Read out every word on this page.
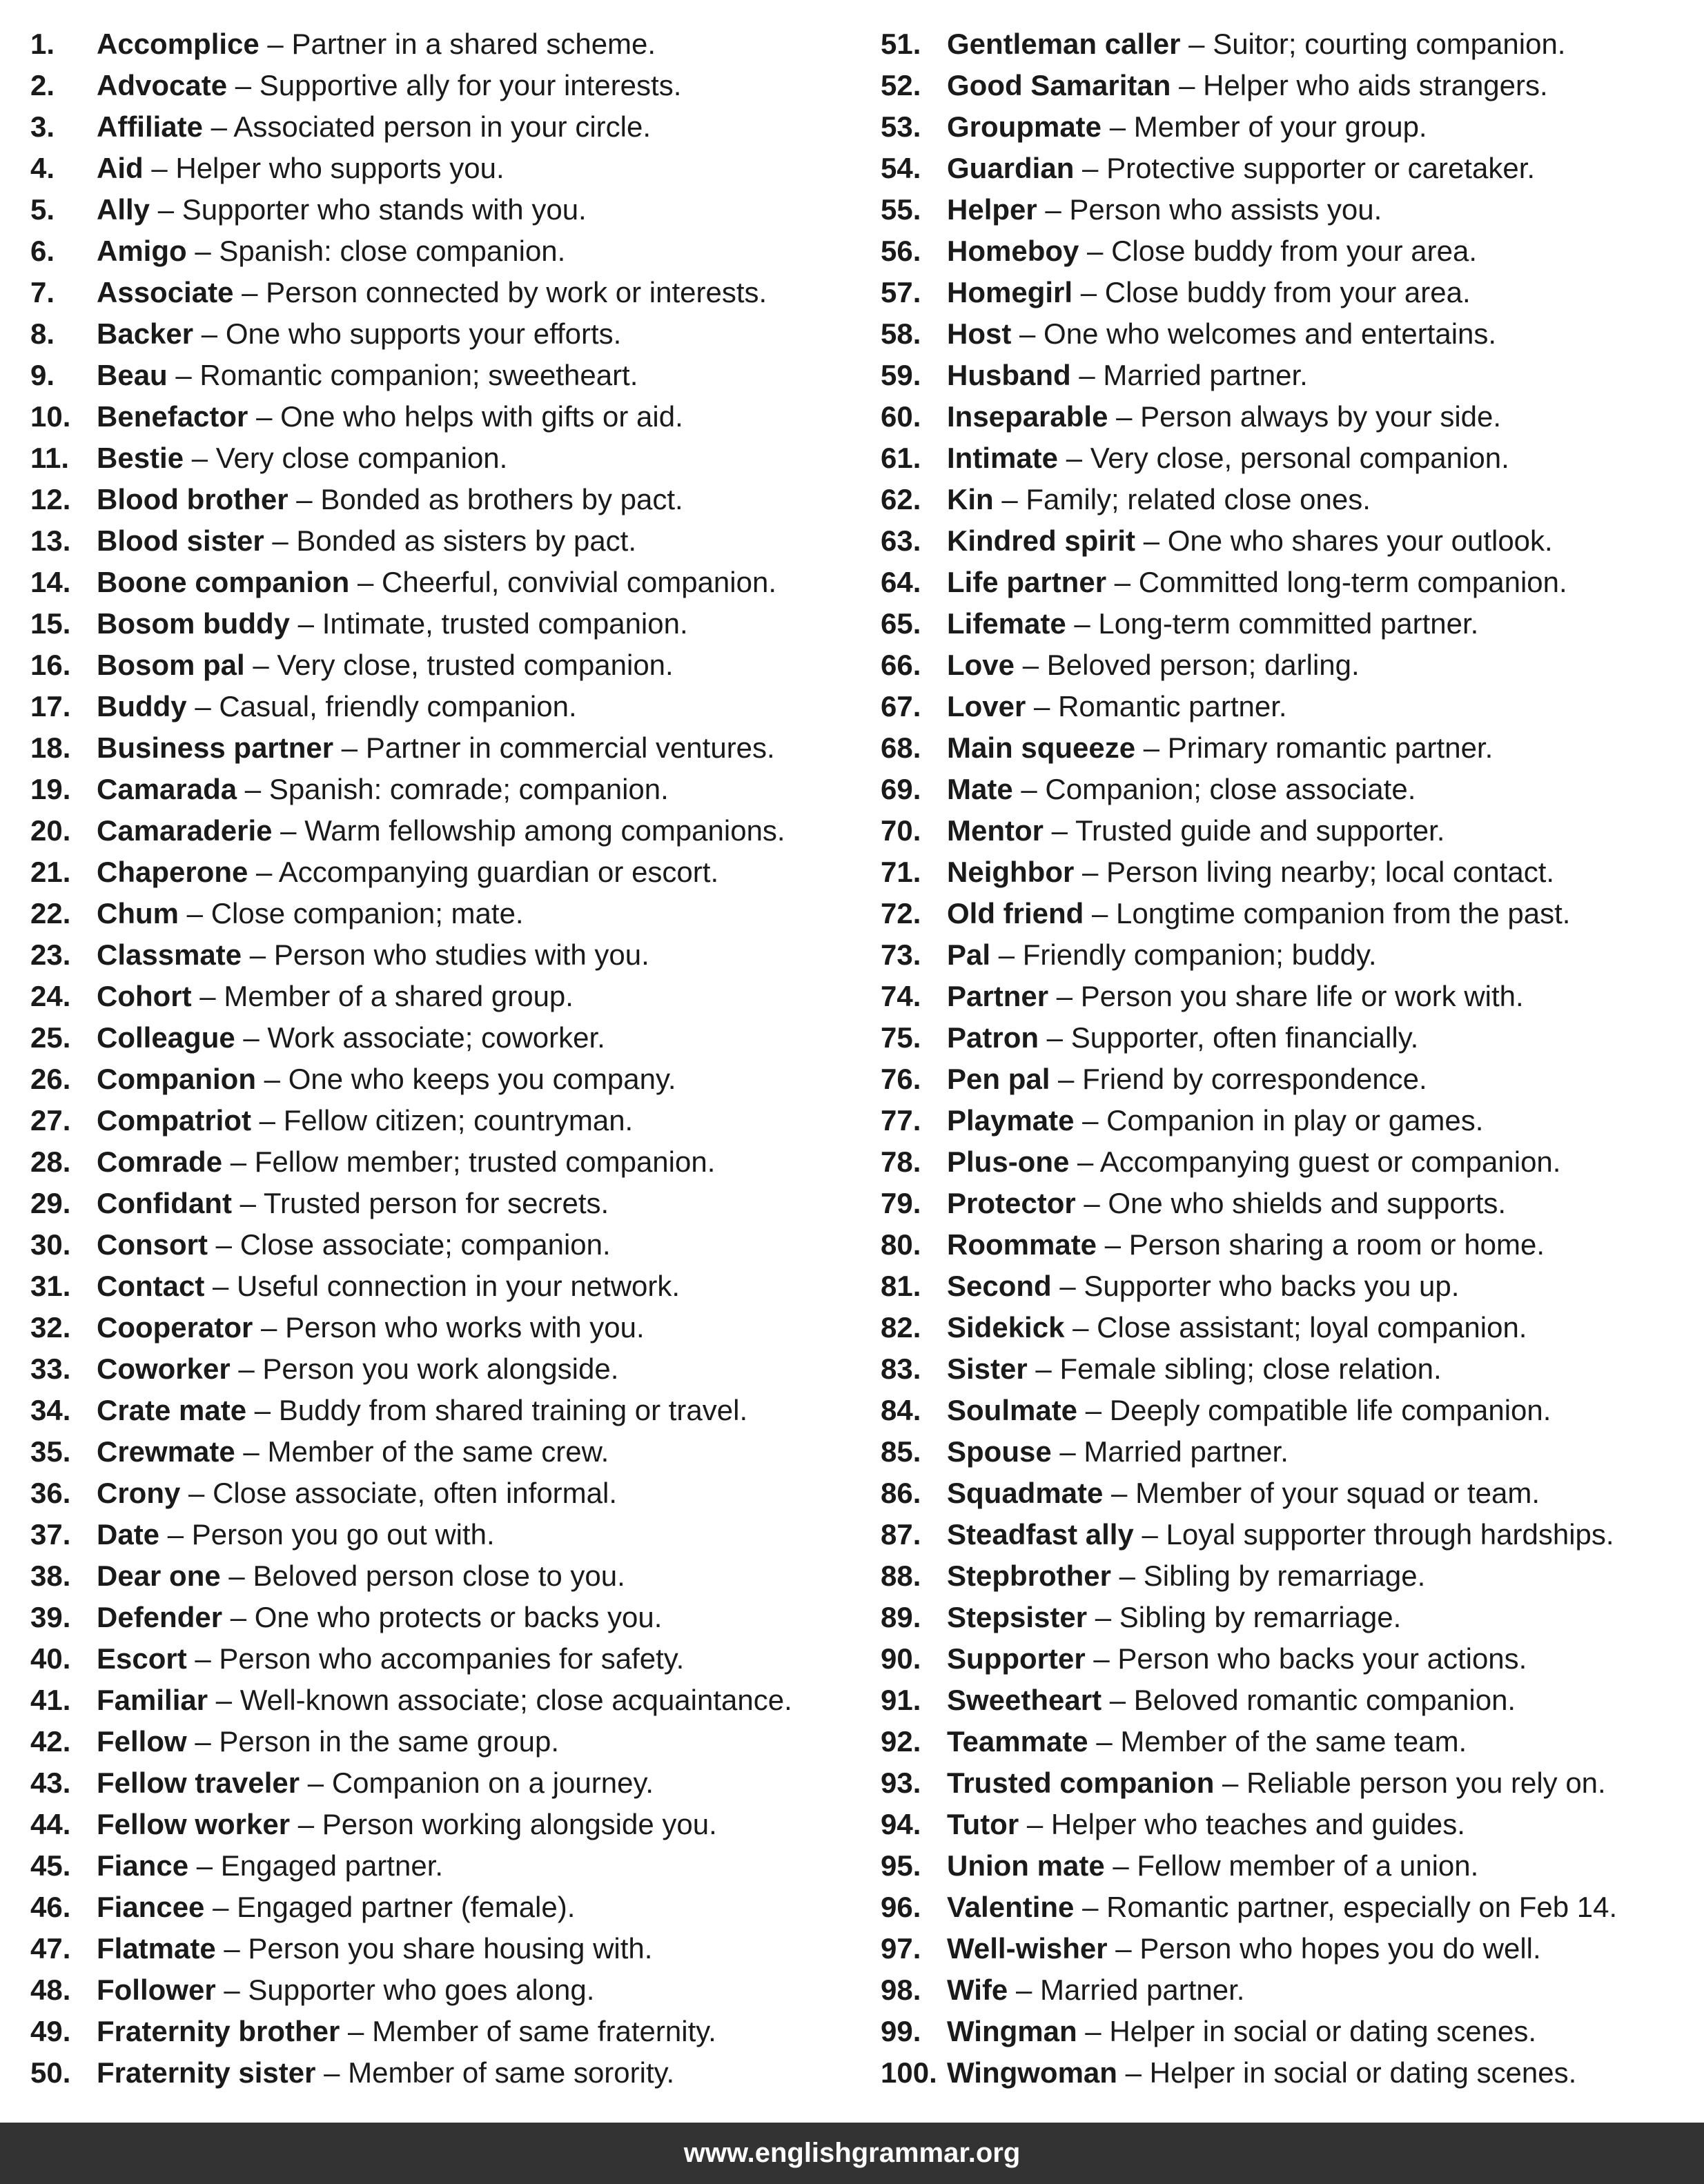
1.	Accomplice – Partner in a shared scheme.
2.	Advocate – Supportive ally for your interests.
3.	Affiliate – Associated person in your circle.
4.	Aid – Helper who supports you.
5.	Ally – Supporter who stands with you.
6.	Amigo – Spanish: close companion.
7.	Associate – Person connected by work or interests.
8.	Backer – One who supports your efforts.
9.	Beau – Romantic companion; sweetheart.
10. Benefactor – One who helps with gifts or aid.
11. Bestie – Very close companion.
12. Blood brother – Bonded as brothers by pact.
13. Blood sister – Bonded as sisters by pact.
14. Boone companion – Cheerful, convivial companion.
15. Bosom buddy – Intimate, trusted companion.
16. Bosom pal – Very close, trusted companion.
17. Buddy – Casual, friendly companion.
18. Business partner – Partner in commercial ventures.
19. Camarada – Spanish: comrade; companion.
20. Camaraderie – Warm fellowship among companions.
21. Chaperone – Accompanying guardian or escort.
22. Chum – Close companion; mate.
23. Classmate – Person who studies with you.
24. Cohort – Member of a shared group.
25. Colleague – Work associate; coworker.
26. Companion – One who keeps you company.
27. Compatriot – Fellow citizen; countryman.
28. Comrade – Fellow member; trusted companion.
29. Confidant – Trusted person for secrets.
30. Consort – Close associate; companion.
31. Contact – Useful connection in your network.
32. Cooperator – Person who works with you.
33. Coworker – Person you work alongside.
34. Crate mate – Buddy from shared training or travel.
35. Crewmate – Member of the same crew.
36. Crony – Close associate, often informal.
37. Date – Person you go out with.
38. Dear one – Beloved person close to you.
39. Defender – One who protects or backs you.
40. Escort – Person who accompanies for safety.
41. Familiar – Well-known associate; close acquaintance.
42. Fellow – Person in the same group.
43. Fellow traveler – Companion on a journey.
44. Fellow worker – Person working alongside you.
45. Fiance – Engaged partner.
46. Fiancee – Engaged partner (female).
47. Flatmate – Person you share housing with.
48. Follower – Supporter who goes along.
49. Fraternity brother – Member of same fraternity.
50. Fraternity sister – Member of same sorority.
51. Gentleman caller – Suitor; courting companion.
52. Good Samaritan – Helper who aids strangers.
53. Groupmate – Member of your group.
54. Guardian – Protective supporter or caretaker.
55. Helper – Person who assists you.
56. Homeboy – Close buddy from your area.
57. Homegirl – Close buddy from your area.
58. Host – One who welcomes and entertains.
59. Husband – Married partner.
60. Inseparable – Person always by your side.
61. Intimate – Very close, personal companion.
62. Kin – Family; related close ones.
63. Kindred spirit – One who shares your outlook.
64. Life partner – Committed long-term companion.
65. Lifemate – Long-term committed partner.
66. Love – Beloved person; darling.
67. Lover – Romantic partner.
68. Main squeeze – Primary romantic partner.
69. Mate – Companion; close associate.
70. Mentor – Trusted guide and supporter.
71. Neighbor – Person living nearby; local contact.
72. Old friend – Longtime companion from the past.
73. Pal – Friendly companion; buddy.
74. Partner – Person you share life or work with.
75. Patron – Supporter, often financially.
76. Pen pal – Friend by correspondence.
77. Playmate – Companion in play or games.
78. Plus-one – Accompanying guest or companion.
79. Protector – One who shields and supports.
80. Roommate – Person sharing a room or home.
81. Second – Supporter who backs you up.
82. Sidekick – Close assistant; loyal companion.
83. Sister – Female sibling; close relation.
84. Soulmate – Deeply compatible life companion.
85. Spouse – Married partner.
86. Squadmate – Member of your squad or team.
87. Steadfast ally – Loyal supporter through hardships.
88. Stepbrother – Sibling by remarriage.
89. Stepsister – Sibling by remarriage.
90. Supporter – Person who backs your actions.
91. Sweetheart – Beloved romantic companion.
92. Teammate – Member of the same team.
93. Trusted companion – Reliable person you rely on.
94. Tutor – Helper who teaches and guides.
95. Union mate – Fellow member of a union.
96. Valentine – Romantic partner, especially on Feb 14.
97. Well-wisher – Person who hopes you do well.
98. Wife – Married partner.
99. Wingman – Helper in social or dating scenes.
100. Wingwoman – Helper in social or dating scenes.
www.englishgrammar.org
